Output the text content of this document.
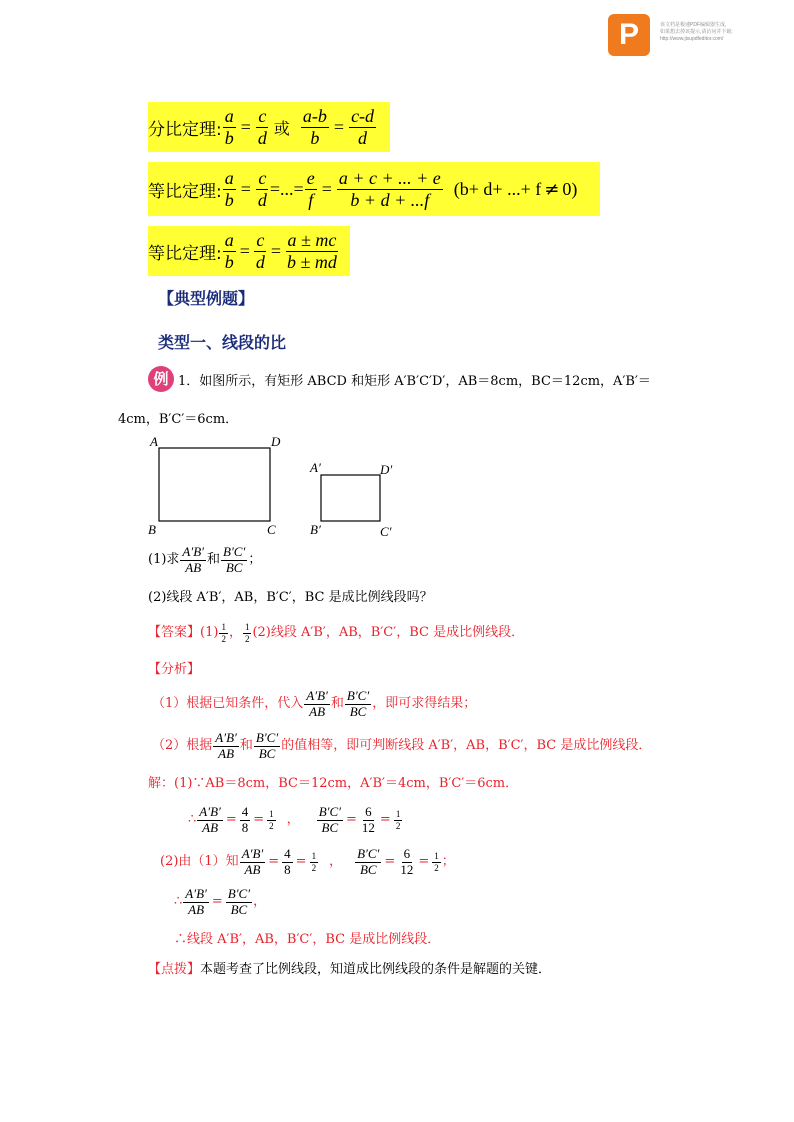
P	该文档是极速PDF编辑器生成,
如果想去掉该提示,请访问并下载:
http://www.jisupdfeditor.com/
分比定理: $\frac{a}{b} = \frac{c}{d}$ 或 $\frac{a-b}{b} = \frac{c-d}{d}$
等比定理: $\frac{a}{b} = \frac{c}{d}$ =...= $\frac{e}{f} = \frac{a + c + ... + e}{b + d + ...f} (b+ d+$ ...+ f ≠ 0)
等比定理: $\frac{a}{b} = \frac{c}{d} = \frac{a \pm mc}{b \pm md}$
【典型例题】
类型一、线段的比
例 1．如图所示，有矩形 ABCD 和矩形 A′B′C′D′，AB＝8cm，BC＝12cm，A′B′＝
4cm，B′C′＝6cm．
A	D
B	C
A′	D′
B′	C′
(1)求 $\frac{A'B'}{AB}$ 和 $\frac{B'C'}{BC}$ ；
(2)线段 A′B′，AB，B′C′，BC 是成比例线段吗？
【答案】 $(1) \frac{1}{2}$ ， $\frac{1}{2} (2)$线段 A′B′，AB，B′C′，BC 是成比例线段．
【分析】
（1）根据已知条件，代入 $\frac{A'B'}{AB}$ 和 $\frac{B'C'}{BC}$ ，即可求得结果；
（2）根据 $\frac{A'B'}{AB}$ 和 $\frac{B'C'}{BC}$ 的值相等，即可判断线段 A′B′，AB，B′C′，BC 是成比例线段．
解：(1)∵AB＝8cm，BC＝12cm，A′B′＝4cm，B′C′＝6cm．
∴ $\frac{A'B'}{AB} = \frac{4}{8} = \frac{1}{2}$ ， $\frac{B'C'}{BC} = \frac{6}{12} = \frac{1}{2}$
(2)由（1）知 $\frac{A'B'}{AB} = \frac{4}{8} = \frac{1}{2}$ ， $\frac{B'C'}{BC} = \frac{6}{12} = \frac{1}{2}$ ；
∴ $\frac{A'B'}{AB} = \frac{B'C'}{BC}$ ，
∴线段 A′B′，AB，B′C′，BC 是成比例线段．
【点拨】本题考查了比例线段，知道成比例线段的条件是解题的关键．
